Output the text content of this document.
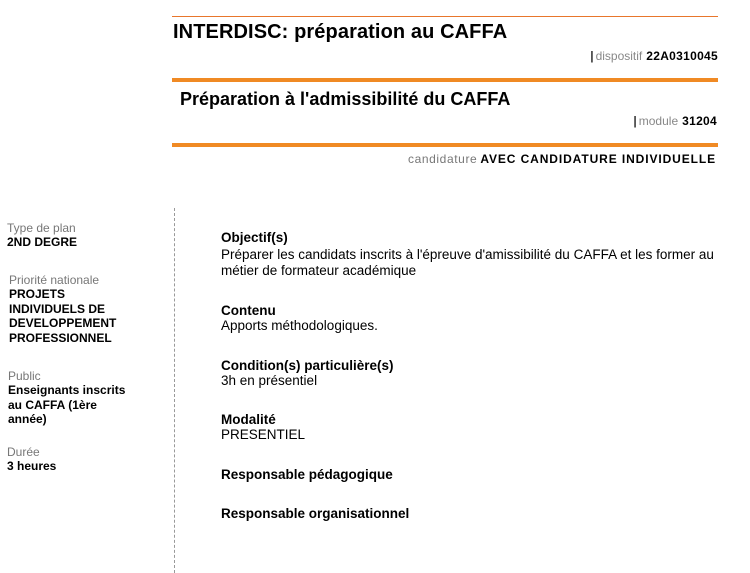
INTERDISC: préparation au CAFFA
| dispositif 22A0310045
Préparation à l'admissibilité du CAFFA
| module 31204
candidature AVEC CANDIDATURE INDIVIDUELLE
Type de plan
2ND DEGRE
Priorité nationale
PROJETS
INDIVIDUELS DE
DEVELOPPEMENT
PROFESSIONNEL
Public
Enseignants inscrits
au CAFFA (1ère
année)
Durée
3 heures
Objectif(s)
Préparer les candidats inscrits à l'épreuve d'amissibilité du CAFFA et les former au
métier de formateur académique
Contenu
Apports méthodologiques.
Condition(s) particulière(s)
3h en présentiel
Modalité
PRESENTIEL
Responsable pédagogique
Responsable organisationnel
